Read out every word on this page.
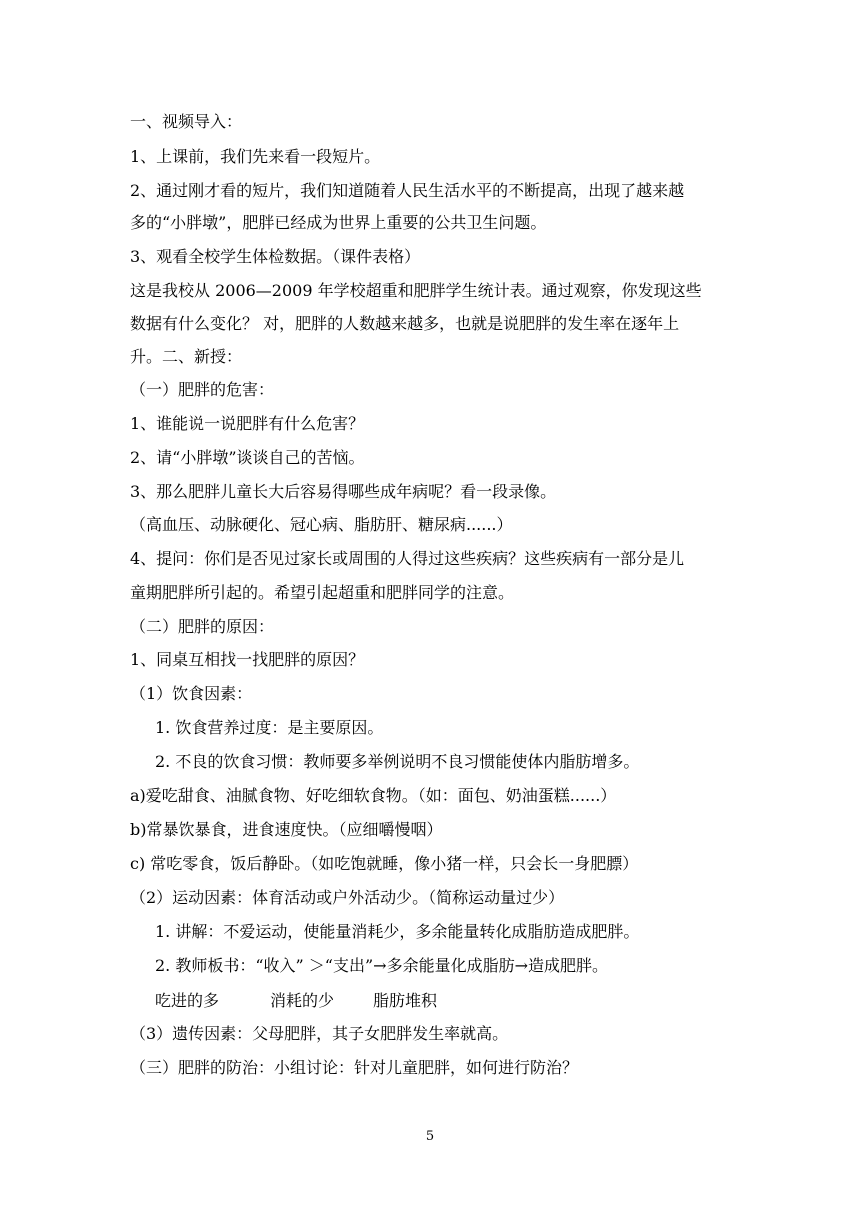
一、视频导入：
1、上课前，我们先来看一段短片。
2、通过刚才看的短片，我们知道随着人民生活水平的不断提高，出现了越来越
多的“小胖墩”，肥胖已经成为世界上重要的公共卫生问题。
3、观看全校学生体检数据。（课件表格）
这是我校从 2006—2009 年学校超重和肥胖学生统计表。通过观察，你发现这些
数据有什么变化？ 对，肥胖的人数越来越多，也就是说肥胖的发生率在逐年上
升。二、新授：
（一）肥胖的危害：
1、谁能说一说肥胖有什么危害？
2、请“小胖墩”谈谈自己的苦恼。
3、那么肥胖儿童长大后容易得哪些成年病呢？看一段录像。
（高血压、动脉硬化、冠心病、脂肪肝、糖尿病......）
4、提问：你们是否见过家长或周围的人得过这些疾病？这些疾病有一部分是儿
童期肥胖所引起的。希望引起超重和肥胖同学的注意。
（二）肥胖的原因：
1、同桌互相找一找肥胖的原因？
（1）饮食因素：
1. 饮食营养过度：是主要原因。
2. 不良的饮食习惯：教师要多举例说明不良习惯能使体内脂肪增多。
a)爱吃甜食、油腻食物、好吃细软食物。（如：面包、奶油蛋糕......）
b)常暴饮暴食，进食速度快。（应细嚼慢咽）
c) 常吃零食，饭后静卧。（如吃饱就睡，像小猪一样，只会长一身肥膘）
（2）运动因素：体育活动或户外活动少。（简称运动量过少）
1. 讲解：不爱运动，使能量消耗少，多余能量转化成脂肪造成肥胖。
2. 教师板书：“收入” ＞“支出”→多余能量化成脂肪→造成肥胖。
吃进的多	消耗的少 脂肪堆积
（3）遗传因素：父母肥胖，其子女肥胖发生率就高。
（三）肥胖的防治：小组讨论：针对儿童肥胖，如何进行防治？
5
